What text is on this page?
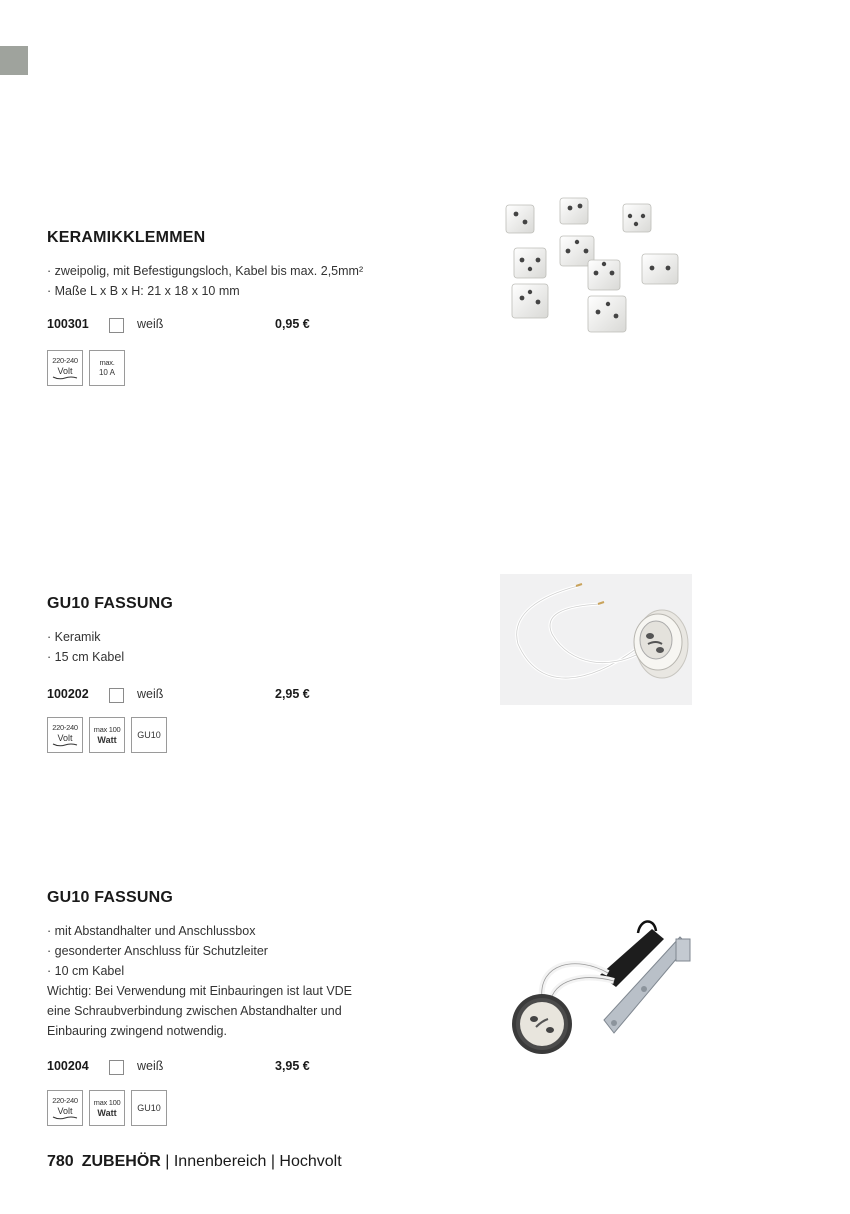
KERAMIKKLEMMEN
· zweipolig, mit Befestigungsloch, Kabel bis max. 2,5mm²
· Maße L x B x H: 21 x 18 x 10 mm
100301	weiß	0,95 €
220-240
Volt
max.
10 A
GU10 FASSUNG
· Keramik
· 15 cm Kabel
100202	weiß	2,95 €
220-240
Volt
max 100
Watt GU10
GU10 FASSUNG
· mit Abstandhalter und Anschlussbox
· gesonderter Anschluss für Schutzleiter
· 10 cm Kabel
Wichtig: Bei Verwendung mit Einbauringen ist laut VDE
eine Schraubverbindung zwischen Abstandhalter und
Einbauring zwingend notwendig.
100204	weiß	3,95 €
220-240
Volt
max 100
Watt GU10
780 ZUBEHÖR | Innenbereich | Hochvolt
